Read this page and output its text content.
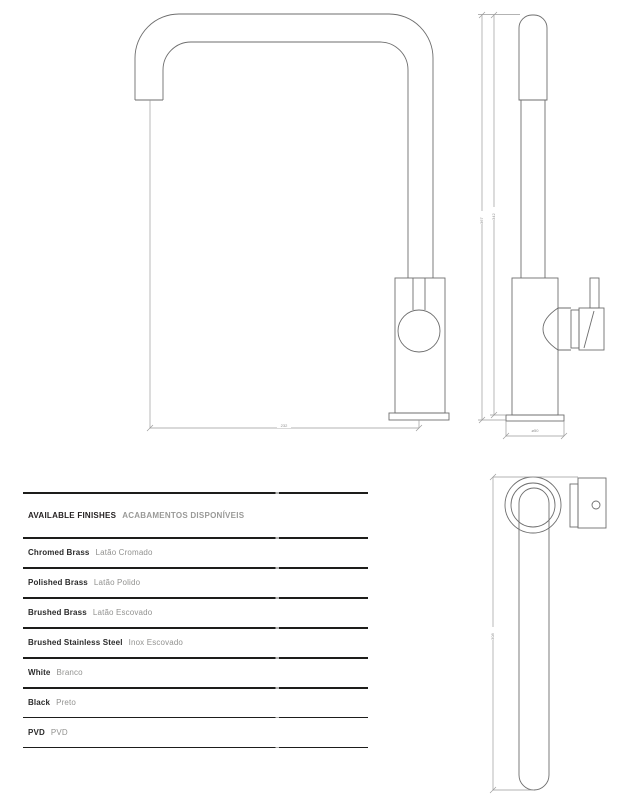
232
367
342
ø50
308
AVAILABLE FINISHES ACABAMENTOS DISPONÍVEIS
Chromed Brass Latão Cromado
Polished Brass Latão Polido
Brushed Brass Latão Escovado
Brushed Stainless Steel Inox Escovado
White Branco
Black Preto
PVD PVD
